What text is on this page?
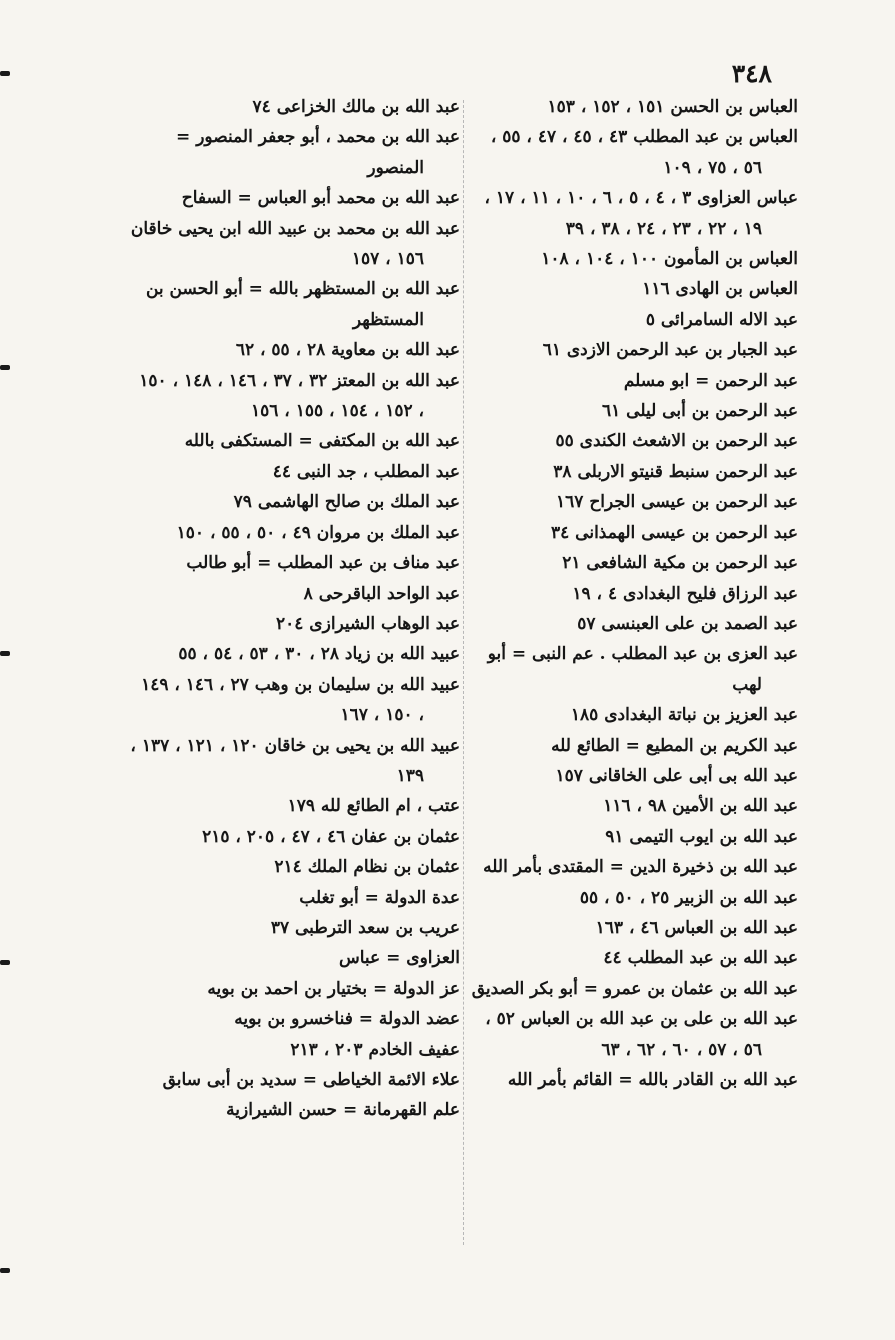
٣٤٨
العباس بن الحسن ١٥١ ، ١٥٢ ، ١٥٣
العباس بن عبد المطلب ٤٣ ، ٤٥ ، ٤٧ ، ٥٥ ، ٥٦ ، ٧٥ ، ١٠٩
عباس العزاوى ٣ ، ٤ ، ٥ ، ٦ ، ١٠ ، ١١ ، ١٧ ، ١٩ ، ٢٢ ، ٢٣ ، ٢٤ ، ٣٨ ، ٣٩
العباس بن المأمون ١٠٠ ، ١٠٤ ، ١٠٨
العباس بن الهادى ١١٦
عبد الاله السامرائى ٥
عبد الجبار بن عبد الرحمن الازدى ٦١
عبد الرحمن = ابو مسلم
عبد الرحمن بن أبى ليلى ٦١
عبد الرحمن بن الاشعث الكندى ٥٥
عبد الرحمن سنبط قنيتو الاربلى ٣٨
عبد الرحمن بن عيسى الجراح ١٦٧
عبد الرحمن بن عيسى الهمذانى ٣٤
عبد الرحمن بن مكية الشافعى ٢١
عبد الرزاق فليح البغدادى ٤ ، ١٩
عبد الصمد بن على العبنسى ٥٧
عبد العزى بن عبد المطلب . عم النبى = أبو لهب
عبد العزيز بن نباتة البغدادى ١٨٥
عبد الكريم بن المطيع = الطائع لله
عبد الله بى أبى على الخاقانى ١٥٧
عبد الله بن الأمين ٩٨ ، ١١٦
عبد الله بن ايوب التيمى ٩١
عبد الله بن ذخيرة الدين = المقتدى بأمر الله
عبد الله بن الزبير ٢٥ ، ٥٠ ، ٥٥
عبد الله بن العباس ٤٦ ، ١٦٣
عبد الله بن عبد المطلب ٤٤
عبد الله بن عثمان بن عمرو = أبو بكر الصديق
عبد الله بن على بن عبد الله بن العباس ٥٢ ، ٥٦ ، ٥٧ ، ٦٠ ، ٦٢ ، ٦٣
عبد الله بن القادر بالله = القائم بأمر الله
عبد الله بن مالك الخزاعى ٧٤
عبد الله بن محمد ، أبو جعفر المنصور = المنصور
عبد الله بن محمد أبو العباس = السفاح
عبد الله بن محمد بن عبيد الله ابن يحيى خاقان ١٥٦ ، ١٥٧
عبد الله بن المستظهر بالله = أبو الحسن بن المستظهر
عبد الله بن معاوية ٢٨ ، ٥٥ ، ٦٢
عبد الله بن المعتز ٣٢ ، ٣٧ ، ١٤٦ ، ١٤٨ ، ١٥٠ ، ١٥٢ ، ١٥٤ ، ١٥٥ ، ١٥٦
عبد الله بن المكتفى = المستكفى بالله
عبد المطلب ، جد النبى ٤٤
عبد الملك بن صالح الهاشمى ٧٩
عبد الملك بن مروان ٤٩ ، ٥٠ ، ٥٥ ، ١٥٠
عبد مناف بن عبد المطلب = أبو طالب
عبد الواحد الباقرحى ٨
عبد الوهاب الشيرازى ٢٠٤
عبيد الله بن زياد ٢٨ ، ٣٠ ، ٥٣ ، ٥٤ ، ٥٥
عبيد الله بن سليمان بن وهب ٢٧ ، ١٤٦ ، ١٤٩ ، ١٥٠ ، ١٦٧
عبيد الله بن يحيى بن خاقان ١٢٠ ، ١٢١ ، ١٣٧ ، ١٣٩
عتب ، ام الطائع لله ١٧٩
عثمان بن عفان ٤٦ ، ٤٧ ، ٢٠٥ ، ٢١٥
عثمان بن نظام الملك ٢١٤
عدة الدولة = أبو تغلب
عريب بن سعد الترطبى ٣٧
العزاوى = عباس
عز الدولة = بختيار بن احمد بن بويه
عضد الدولة = فناخسرو بن بويه
عفيف الخادم ٢٠٣ ، ٢١٣
علاء الائمة الخياطى = سديد بن أبى سابق
علم القهرمانة = حسن الشيرازية
